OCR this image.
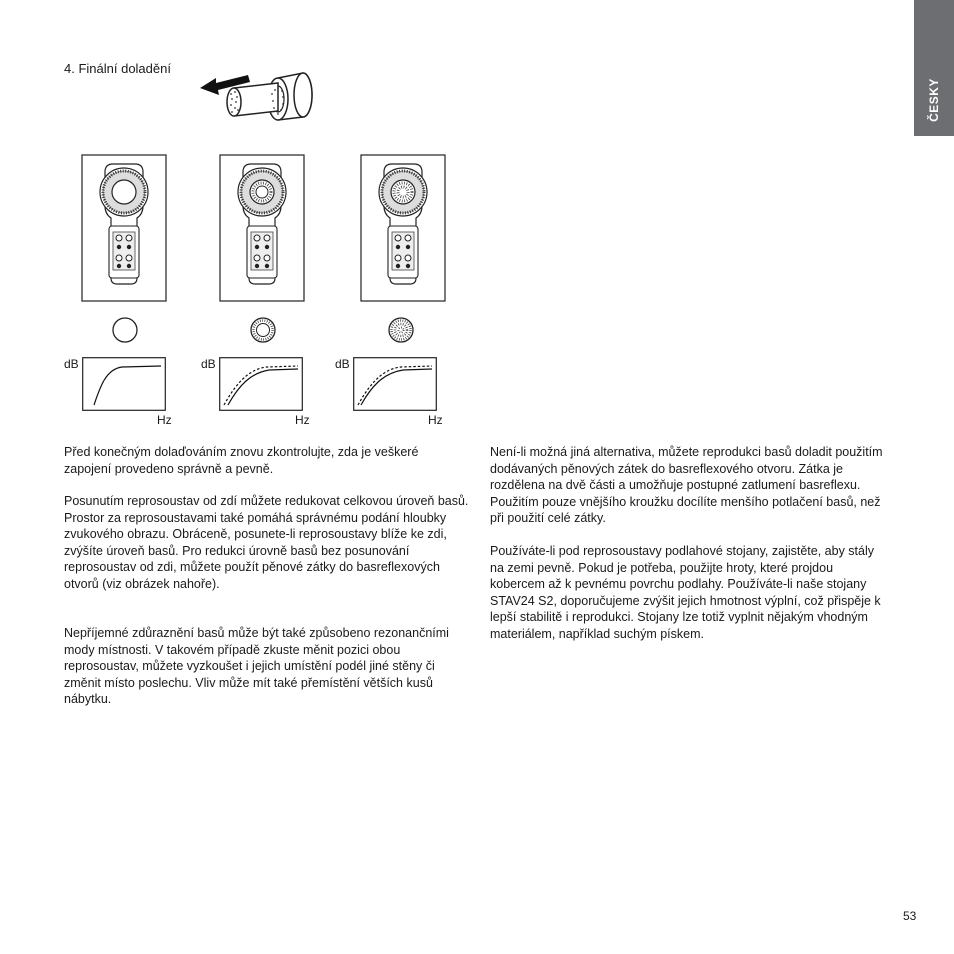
ČESKY
4. Finální doladění
dB	dB	dB
Hz	Hz	Hz

Před konečným dolaďováním znovu zkontrolujte, zda je veškeré zapojení provedeno správně a pevně.

Posunutím reprosoustav od zdí můžete redukovat celkovou úroveň basů. Prostor za reprosoustavami také pomáhá správnému podání hloubky zvukového obrazu. Obráceně, posunete-li reprosoustavy blíže ke zdi, zvýšíte úroveň basů. Pro redukci úrovně basů bez posunování reprosoustav od zdi, můžete použít pěnové zátky do basreflexových otvorů (viz obrázek nahoře).

Nepříjemné zdůraznění basů může být také způsobeno rezonančními mody místnosti. V takovém případě zkuste měnit pozici obou reprosoustav, můžete vyzkoušet i jejich umístění podél jiné stěny či změnit místo poslechu. Vliv může mít také přemístění větších kusů nábytku.

Není-li možná jiná alternativa, můžete reprodukci basů doladit použitím dodávaných pěnových zátek do basreflexového otvoru. Zátka je rozdělena na dvě části a umožňuje postupné zatlumení basreflexu. Použitím pouze vnějšího kroužku docílíte menšího potlačení basů, než při použití celé zátky.

Používáte-li pod reprosoustavy podlahové stojany, zajistěte, aby stály na zemi pevně. Pokud je potřeba, použijte hroty, které projdou kobercem až k pevnému povrchu podlahy. Používáte-li naše stojany STAV24 S2, doporučujeme zvýšit jejich hmotnost výplní, což přispěje k lepší stabilitě i reprodukci. Stojany lze totiž vyplnit nějakým vhodným materiálem, například suchým pískem.

53
